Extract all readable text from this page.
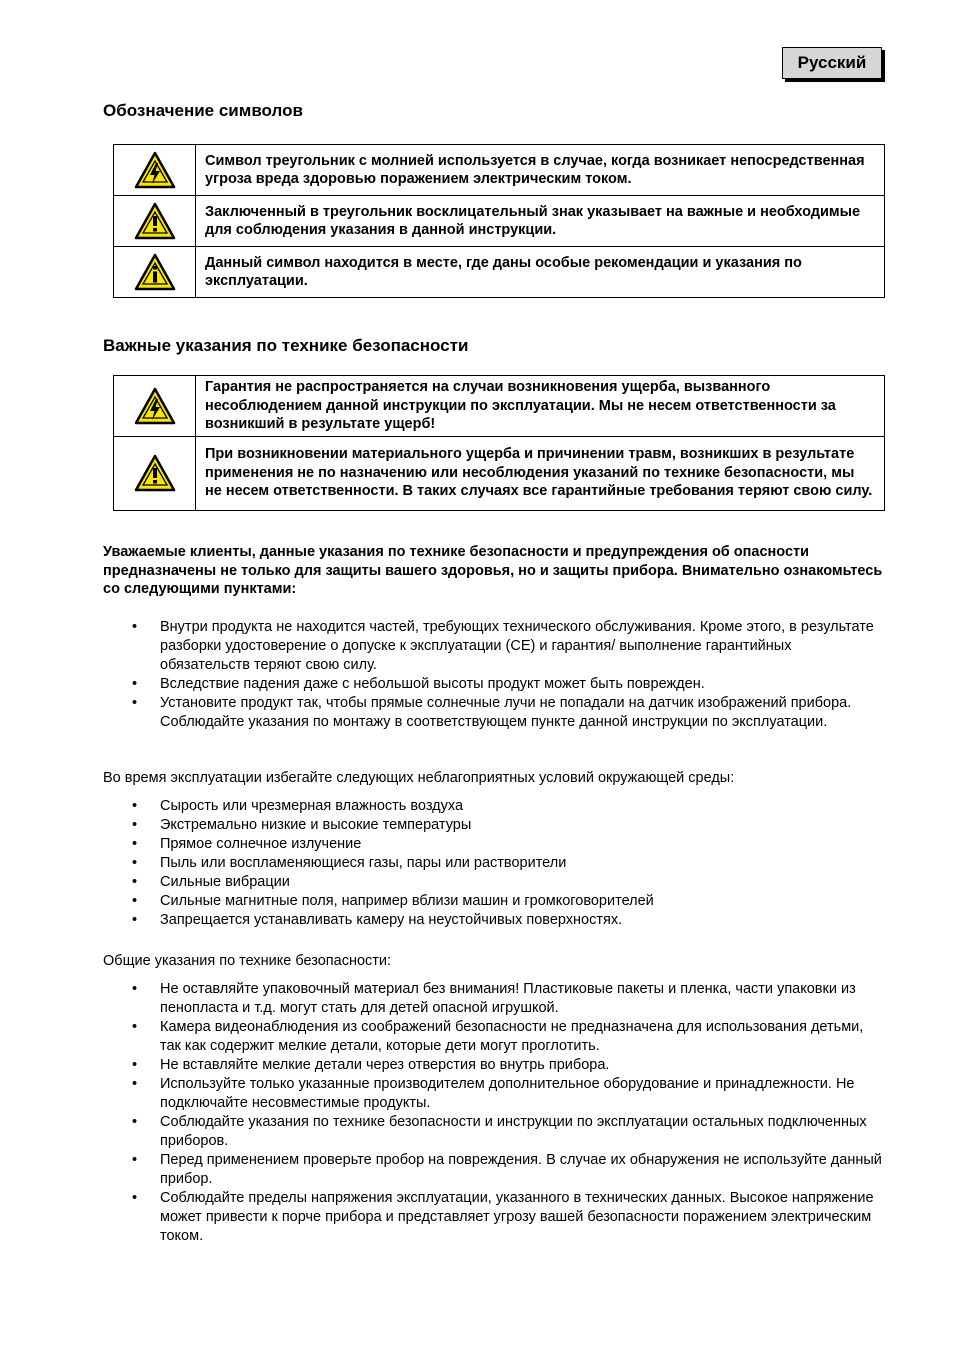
Русский
Обозначение символов
	Символ треугольник с молнией используется в случае, когда возникает непосредственная угроза вреда здоровью поражением электрическим током.

	Заключенный в треугольник восклицательный знак указывает на важные и необходимые для соблюдения указания в данной инструкции.

	Данный символ находится в месте, где даны особые рекомендации и указания по эксплуатации.
Важные указания по технике безопасности
	Гарантия не распространяется на случаи возникновения ущерба, вызванного несоблюдением данной инструкции по эксплуатации. Мы не несем ответственности за возникший в результате ущерб!

	При возникновении материального ущерба и причинении травм, возникших в результате применения не по назначению или несоблюдения указаний по технике безопасности, мы не несем ответственности. В таких случаях все гарантийные требования теряют свою силу.
Уважаемые клиенты, данные указания по технике безопасности и предупреждения об опасности предназначены не только для защиты вашего здоровья, но и защиты прибора. Внимательно ознакомьтесь со следующими пунктами:
• Внутри продукта не находится частей, требующих технического обслуживания. Кроме этого, в результате разборки удостоверение о допуске к эксплуатации (CE) и гарантия/ выполнение гарантийных обязательств теряют свою силу.
• Вследствие падения даже с небольшой высоты продукт может быть поврежден.
• Установите продукт так, чтобы прямые солнечные лучи не попадали на датчик изображений прибора. Соблюдайте указания по монтажу в соответствующем пункте данной инструкции по эксплуатации.
Во время эксплуатации избегайте следующих неблагоприятных условий окружающей среды:
• Сырость или чрезмерная влажность воздуха
• Экстремально низкие и высокие температуры
• Прямое солнечное излучение
• Пыль или воспламеняющиеся газы, пары или растворители
• Сильные вибрации
• Сильные магнитные поля, например вблизи машин и громкоговорителей
• Запрещается устанавливать камеру на неустойчивых поверхностях.
Общие указания по технике безопасности:
• Не оставляйте упаковочный материал без внимания! Пластиковые пакеты и пленка, части упаковки из пенопласта и т.д. могут стать для детей опасной игрушкой.
• Камера видеонаблюдения из соображений безопасности не предназначена для использования детьми, так как содержит мелкие детали, которые дети могут проглотить.
• Не вставляйте мелкие детали через отверстия во внутрь прибора.
• Используйте только указанные производителем дополнительное оборудование и принадлежности. Не подключайте несовместимые продукты.
• Соблюдайте указания по технике безопасности и инструкции по эксплуатации остальных подключенных приборов.
• Перед применением проверьте пробор на повреждения. В случае их обнаружения не используйте данный прибор.
• Соблюдайте пределы напряжения эксплуатации, указанного в технических данных. Высокое напряжение может привести к порче прибора и представляет угрозу вашей безопасности поражением электрическим током.
